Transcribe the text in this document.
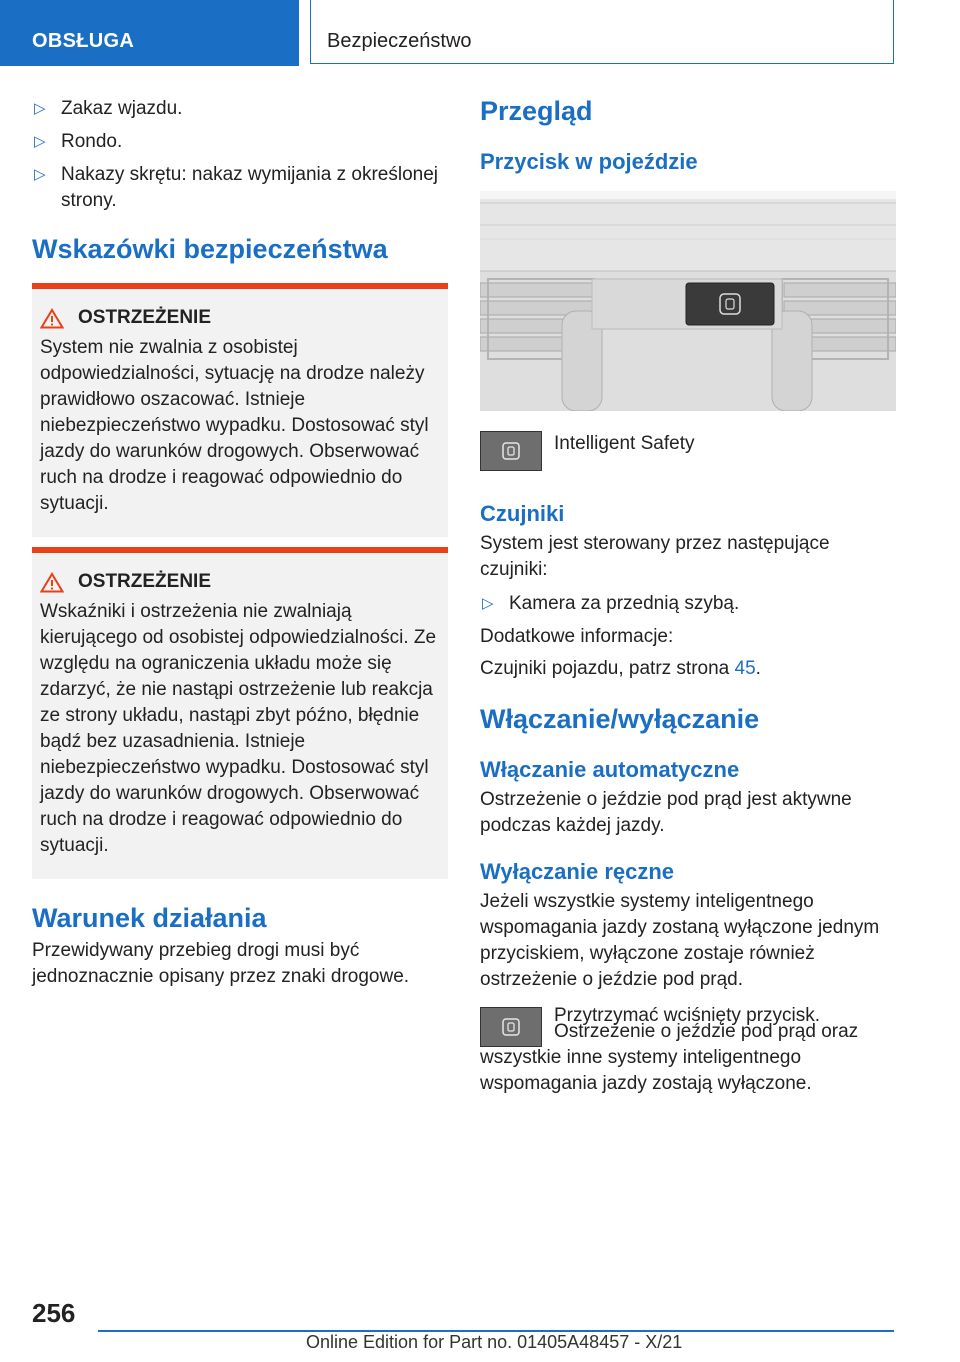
OBSŁUGA	Bezpieczeństwo
▷ Zakaz wjazdu.
▷ Rondo.
▷ Nakazy skrętu: nakaz wymijania z określonej strony.
Wskazówki bezpieczeństwa
OSTRZEŻENIE

System nie zwalnia z osobistej odpowiedzialności, sytuację na drodze należy prawidłowo oszacować. Istnieje niebezpieczeństwo wypadku. Dostosować styl jazdy do warunków drogowych. Obserwować ruch na drodze i reagować odpowiednio do sytuacji.

OSTRZEŻENIE

Wskaźniki i ostrzeżenia nie zwalniają kierującego od osobistej odpowiedzialności. Ze względu na ograniczenia układu może się zdarzyć, że nie nastąpi ostrzeżenie lub reakcja ze strony układu, nastąpi zbyt późno, błędnie bądź bez uzasadnienia. Istnieje niebezpieczeństwo wypadku. Dostosować styl jazdy do warunków drogowych. Obserwować ruch na drodze i reagować odpowiednio do sytuacji.

Warunek działania

Przewidywany przebieg drogi musi być jednoznacznie opisany przez znaki drogowe.

Przegląd
Przycisk w pojeździe

Intelligent Safety

Czujniki

System jest sterowany przez następujące czujniki:

▷ Kamera za przednią szybą.

Dodatkowe informacje:

Czujniki pojazdu, patrz strona 45.

Włączanie/wyłączanie
Włączanie automatyczne

Ostrzeżenie o jeździe pod prąd jest aktywne podczas każdej jazdy.

Wyłączanie ręczne

Jeżeli wszystkie systemy inteligentnego wspomagania jazdy zostaną wyłączone jednym przyciskiem, wyłączone zostaje również ostrzeżenie o jeździe pod prąd.

Przytrzymać wciśnięty przycisk.

Ostrzeżenie o jeździe pod prąd oraz wszystkie inne systemy inteligentnego wspomagania jazdy zostają wyłączone.

256
Online Edition for Part no. 01405A48457 - X/21
